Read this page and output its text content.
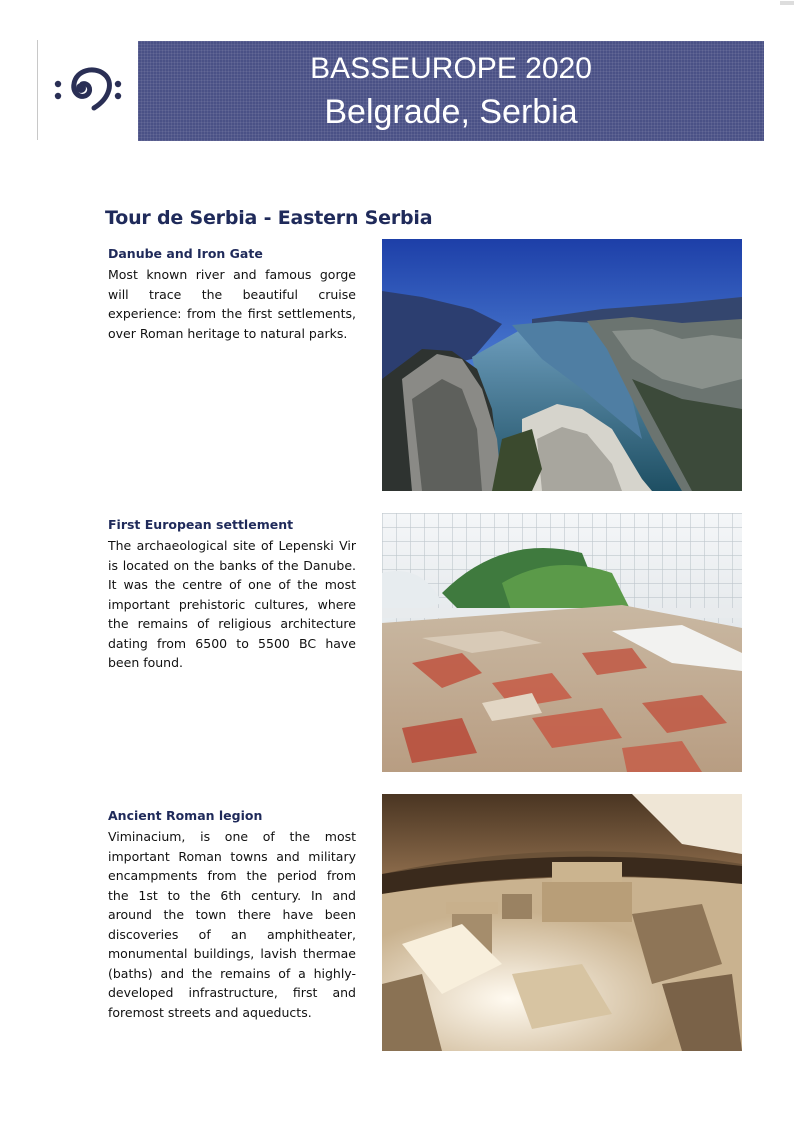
BASSEUROPE 2020
Belgrade, Serbia
Tour de Serbia - Eastern Serbia
Danube and Iron Gate

Most known river and famous gorge will trace the beautiful cruise experience: from the first settlements, over Roman heritage to natural parks.

First European settlement

The archaeological site of Lepenski Vir is located on the banks of the Danube. It was the centre of one of the most important prehistoric cultures, where the remains of religious architecture dating from 6500 to 5500 BC have been found.

Ancient Roman legion

Viminacium, is one of the most important Roman towns and military encampments from the period from the 1st to the 6th century. In and around the town there have been discoveries of an amphitheater, monumental buildings, lavish thermae (baths) and the remains of a highly-developed infrastructure, first and foremost streets and aqueducts.
